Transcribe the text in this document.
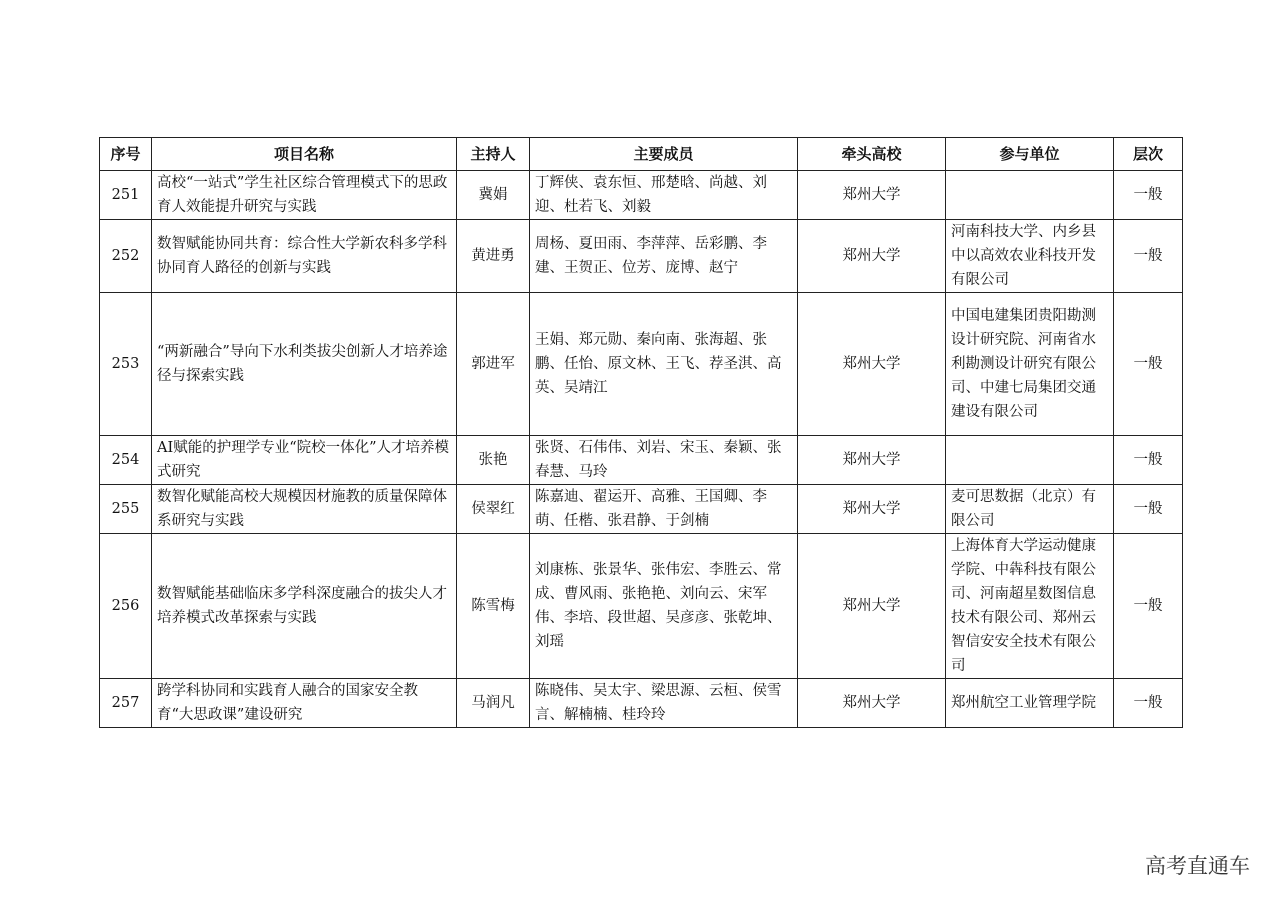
序号	项目名称	主持人	主要成员	牵头高校	参与单位	层次
251	高校“一站式”学生社区综合管理模式下的思政育人效能提升研究与实践	冀娟	丁辉侠、袁东恒、邢楚晗、尚越、刘迎、杜若飞、刘毅	郑州大学		一般
252	数智赋能协同共育：综合性大学新农科多学科协同育人路径的创新与实践	黄进勇	周杨、夏田雨、李萍萍、岳彩鹏、李建、王贺正、位芳、庞博、赵宁	郑州大学	河南科技大学、内乡县中以高效农业科技开发有限公司	一般
253	“两新融合”导向下水利类拔尖创新人才培养途径与探索实践	郭进军	王娟、郑元勋、秦向南、张海超、张鹏、任怡、原文林、王飞、荐圣淇、高英、吴靖江	郑州大学	中国电建集团贵阳勘测设计研究院、河南省水利勘测设计研究有限公司、中建七局集团交通建设有限公司	一般
254	AI赋能的护理学专业“院校一体化”人才培养模式研究	张艳	张贤、石伟伟、刘岩、宋玉、秦颖、张春慧、马玲	郑州大学		一般
255	数智化赋能高校大规模因材施教的质量保障体系研究与实践	侯翠红	陈嘉迪、翟运开、高雅、王国卿、李萌、任楷、张君静、于剑楠	郑州大学	麦可思数据（北京）有限公司	一般
256	数智赋能基础临床多学科深度融合的拔尖人才培养模式改革探索与实践	陈雪梅	刘康栋、张景华、张伟宏、李胜云、常成、曹风雨、张艳艳、刘向云、宋军伟、李培、段世超、吴彦彦、张乾坤、刘瑶	郑州大学	上海体育大学运动健康学院、中犇科技有限公司、河南超星数图信息技术有限公司、郑州云智信安安全技术有限公司	一般
257	跨学科协同和实践育人融合的国家安全教育“大思政课”建设研究	马润凡	陈晓伟、吴太宇、梁思源、云桓、侯雪言、解楠楠、桂玲玲	郑州大学	郑州航空工业管理学院	一般
高考直通车
